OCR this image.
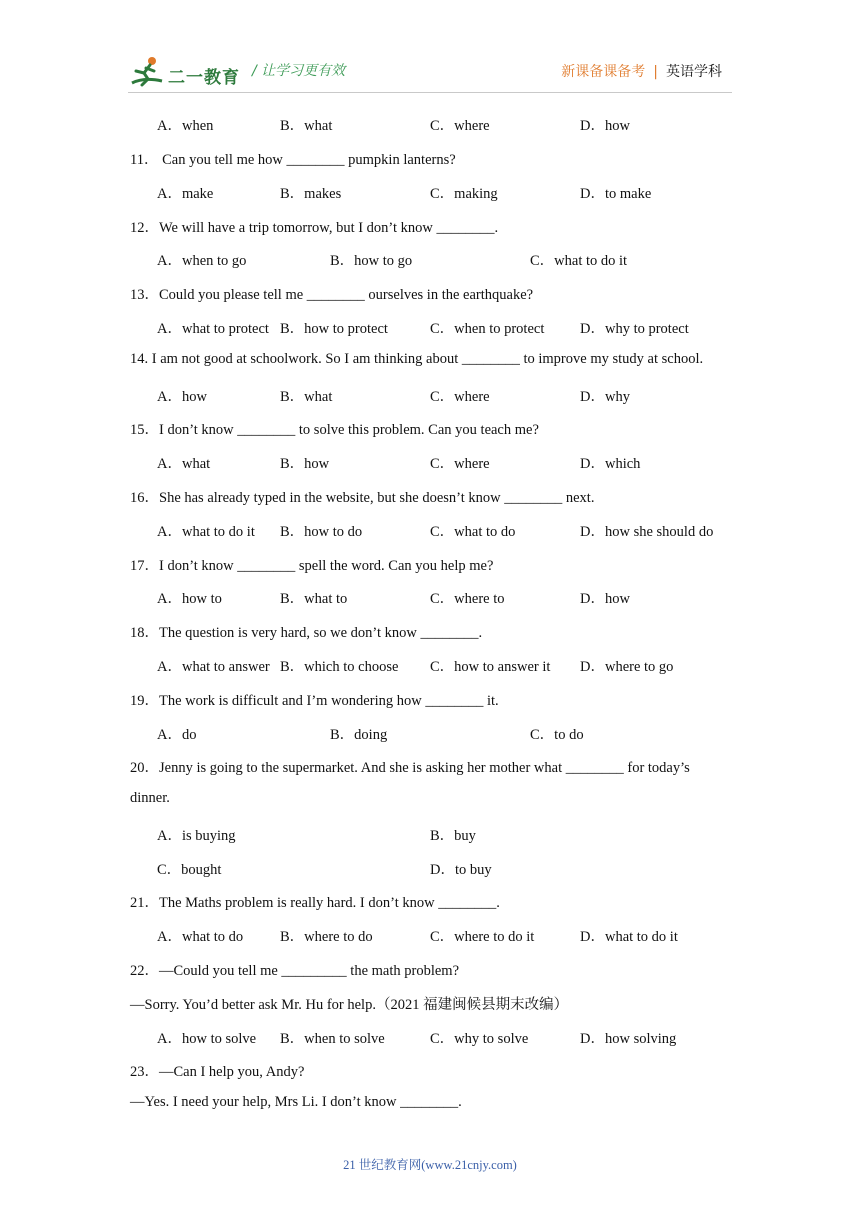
二一教育 / 让学习更有效	新课备课备考 | 英语学科
A．when	B．what	C．where	D．how
11． Can you tell me how ________ pumpkin lanterns?
A．make	B．makes	C．making	D．to make
12．We will have a trip tomorrow, but I don’t know ________.
A．when to go	B．how to go	C．what to do it
13．Could you please tell me ________ ourselves in the earthquake?
A．what to protect B．how to protect	C．when to protect D．why to protect
14. I am not good at schoolwork. So I am thinking about ________ to improve my study at school.
A．how	B．what	C．where	D．why
15．I don’t know ________ to solve this problem. Can you teach me?
A．what	B．how	C．where	D．which
16．She has already typed in the website, but she doesn’t know ________ next.
A．what to do it B．how to do	C．what to do	D．how she should do
17．I don’t know ________ spell the word. Can you help me?
A．how to	B．what to	C．where to	D．how
18．The question is very hard, so we don’t know ________.
A．what to answer B．which to choose C．how to answer it D．where to go
19．The work is difficult and I’m wondering how ________ it.
A．do	B．doing	C．to do
20．Jenny is going to the supermarket. And she is asking her mother what ________ for today’s
dinner.
A．is buying	B．buy
C．bought	D．to buy
21．The Maths problem is really hard. I don’t know ________.
A．what to do	B．where to do	C．where to do it	D．what to do it
22．—Could you tell me _________ the math problem?
—Sorry. You’d better ask Mr. Hu for help.（2021 福建闽候县期末改编）
A．how to solve B．when to solve	C．why to solve	D．how solving
23．—Can I help you, Andy?
—Yes. I need your help, Mrs Li. I don’t know ________.
21 世纪教育网(www.21cnjy.com)
